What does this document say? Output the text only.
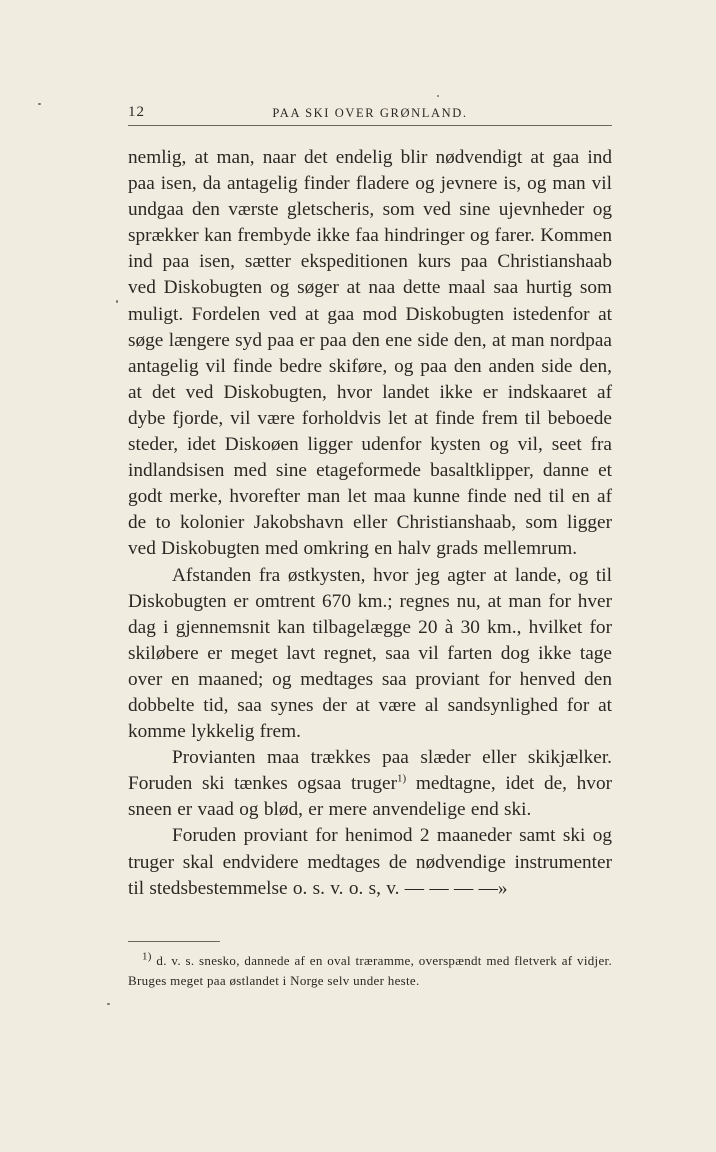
12	PAA SKI OVER GRØNLAND.

nemlig, at man, naar det endelig blir nødvendigt at gaa ind paa isen, da antagelig finder fladere og jevnere is, og man vil undgaa den værste gletscheris, som ved sine ujevnheder og sprækker kan frembyde ikke faa hindringer og farer. Kommen ind paa isen, sætter ekspeditionen kurs paa Christianshaab ved Diskobugten og søger at naa dette maal saa hurtig som muligt. Fordelen ved at gaa mod Diskobugten istedenfor at søge længere syd paa er paa den ene side den, at man nordpaa antagelig vil finde bedre skiføre, og paa den anden side den, at det ved Diskobugten, hvor landet ikke er indskaaret af dybe fjorde, vil være forholdvis let at finde frem til beboede steder, idet Diskoøen ligger udenfor kysten og vil, seet fra indlandsisen med sine etageformede basaltklipper, danne et godt merke, hvorefter man let maa kunne finde ned til en af de to kolonier Jakobshavn eller Christianshaab, som ligger ved Diskobugten med omkring en halv grads mellemrum.

Afstanden fra østkysten, hvor jeg agter at lande, og til Diskobugten er omtrent 670 km.; regnes nu, at man for hver dag i gjennemsnit kan tilbagelægge 20 à 30 km., hvilket for skiløbere er meget lavt regnet, saa vil farten dog ikke tage over en maaned; og medtages saa proviant for henved den dobbelte tid, saa synes der at være al sandsynlighed for at komme lykkelig frem.

Provianten maa trækkes paa slæder eller skikjælker. Foruden ski tænkes ogsaa truger$^{1)}$ medtagne, idet de, hvor sneen er vaad og blød, er mere anvendelige end ski.

Foruden proviant for henimod 2 maaneder samt ski og truger skal endvidere medtages de nødvendige instrumenter til stedsbestemmelse o. s. v. o. s, v. — — — —»

$^{1)}$ d. v. s. snesko, dannede af en oval træramme, overspændt med fletverk af vidjer. Bruges meget paa østlandet i Norge selv under heste.
